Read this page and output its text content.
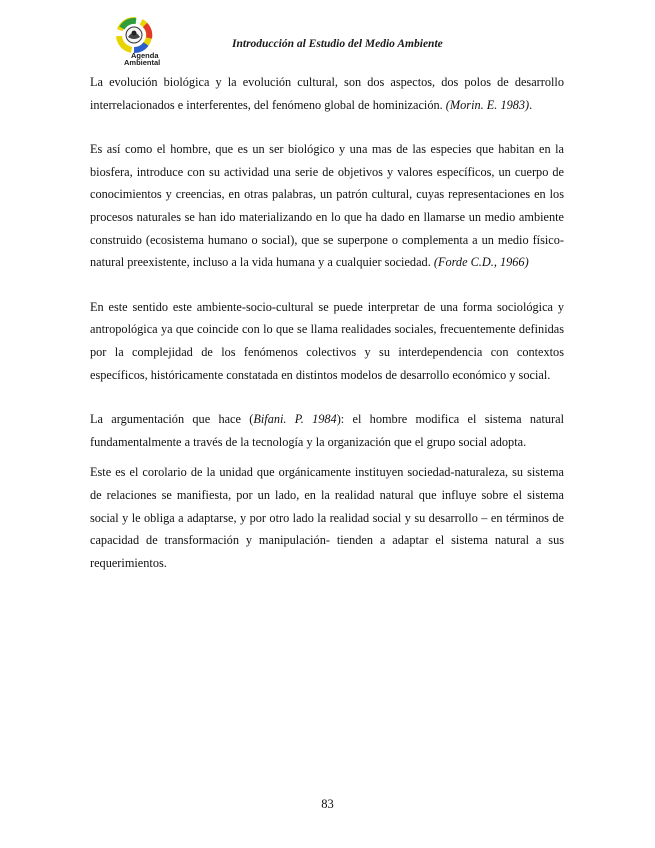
Agenda
Ambiental
Introducción al Estudio del Medio Ambiente

La evolución biológica y la evolución cultural, son dos aspectos, dos polos de desarrollo interrelacionados e interferentes, del fenómeno global de hominización. (Morin. E. 1983).

Es así como el hombre, que es un ser biológico y una mas de las especies que habitan en la biosfera, introduce con su actividad una serie de objetivos y valores específicos, un cuerpo de conocimientos y creencias, en otras palabras, un patrón cultural, cuyas representaciones en los procesos naturales se han ido materializando en lo que ha dado en llamarse un medio ambiente construido (ecosistema humano o social), que se superpone o complementa a un medio físico-natural preexistente, incluso a la vida humana y a cualquier sociedad. (Forde C.D., 1966)

En este sentido este ambiente-socio-cultural se puede interpretar de una forma sociológica y antropológica ya que coincide con lo que se llama realidades sociales, frecuentemente definidas por la complejidad de los fenómenos colectivos y su interdependencia con contextos específicos, históricamente constatada en distintos modelos de desarrollo económico y social.

La argumentación que hace (Bifani. P. 1984): el hombre modifica el sistema natural fundamentalmente a través de la tecnología y la organización que el grupo social adopta.

Este es el corolario de la unidad que orgánicamente instituyen sociedad-naturaleza, su sistema de relaciones se manifiesta, por un lado, en la realidad natural que influye sobre el sistema social y le obliga a adaptarse, y por otro lado la realidad social y su desarrollo – en términos de capacidad de transformación y manipulación- tienden a adaptar el sistema natural a sus requerimientos.

83
